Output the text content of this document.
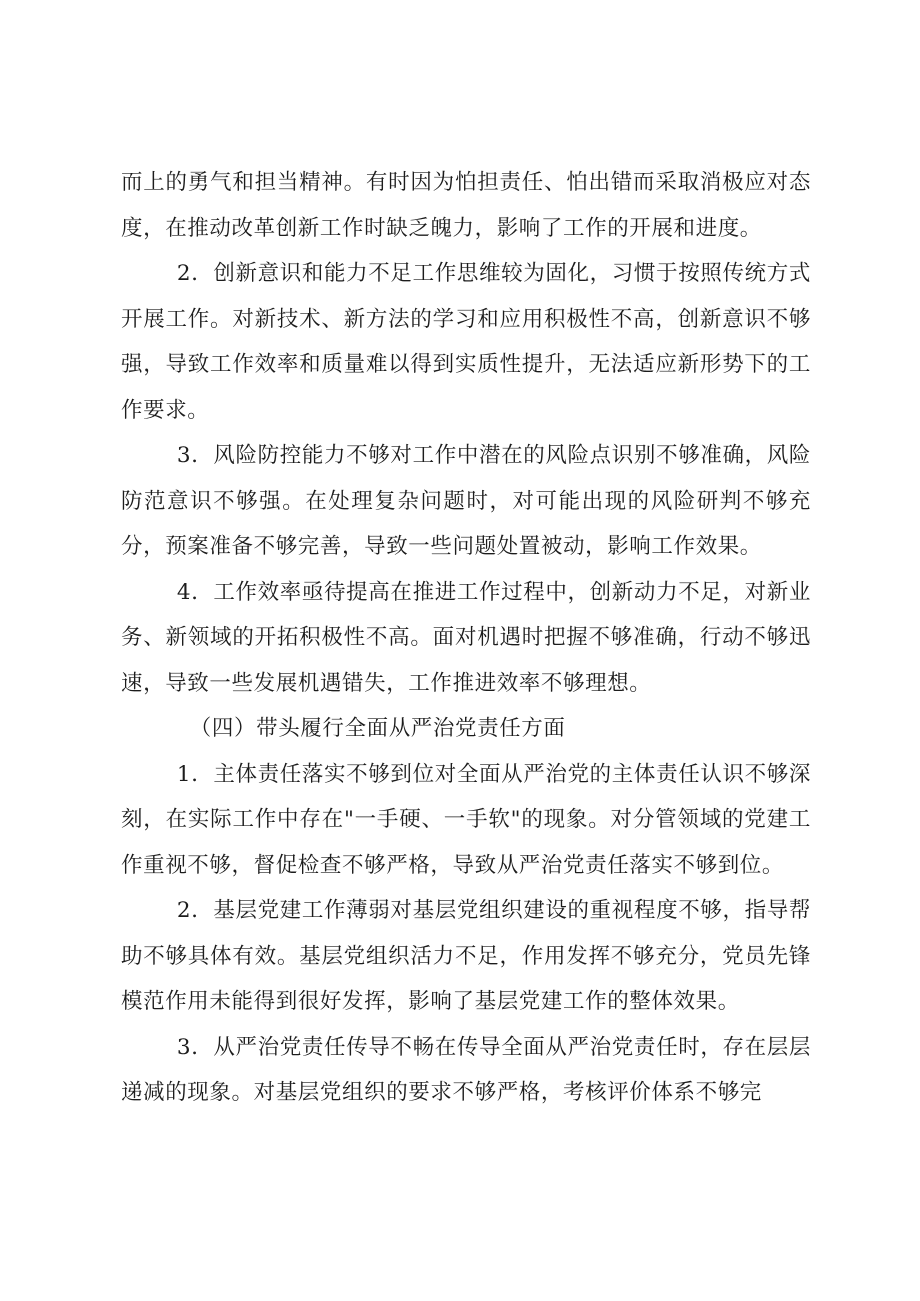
而上的勇气和担当精神。有时因为怕担责任、怕出错而采取消极应对态度，在推动改革创新工作时缺乏魄力，影响了工作的开展和进度。

2．创新意识和能力不足工作思维较为固化，习惯于按照传统方式开展工作。对新技术、新方法的学习和应用积极性不高，创新意识不够强，导致工作效率和质量难以得到实质性提升，无法适应新形势下的工作要求。

3．风险防控能力不够对工作中潜在的风险点识别不够准确，风险防范意识不够强。在处理复杂问题时，对可能出现的风险研判不够充分，预案准备不够完善，导致一些问题处置被动，影响工作效果。

4．工作效率亟待提高在推进工作过程中，创新动力不足，对新业务、新领域的开拓积极性不高。面对机遇时把握不够准确，行动不够迅速，导致一些发展机遇错失，工作推进效率不够理想。

（四）带头履行全面从严治党责任方面

1．主体责任落实不够到位对全面从严治党的主体责任认识不够深刻，在实际工作中存在"一手硬、一手软"的现象。对分管领域的党建工作重视不够，督促检查不够严格，导致从严治党责任落实不够到位。

2．基层党建工作薄弱对基层党组织建设的重视程度不够，指导帮助不够具体有效。基层党组织活力不足，作用发挥不够充分，党员先锋模范作用未能得到很好发挥，影响了基层党建工作的整体效果。

3．从严治党责任传导不畅在传导全面从严治党责任时，存在层层递减的现象。对基层党组织的要求不够严格，考核评价体系不够完
